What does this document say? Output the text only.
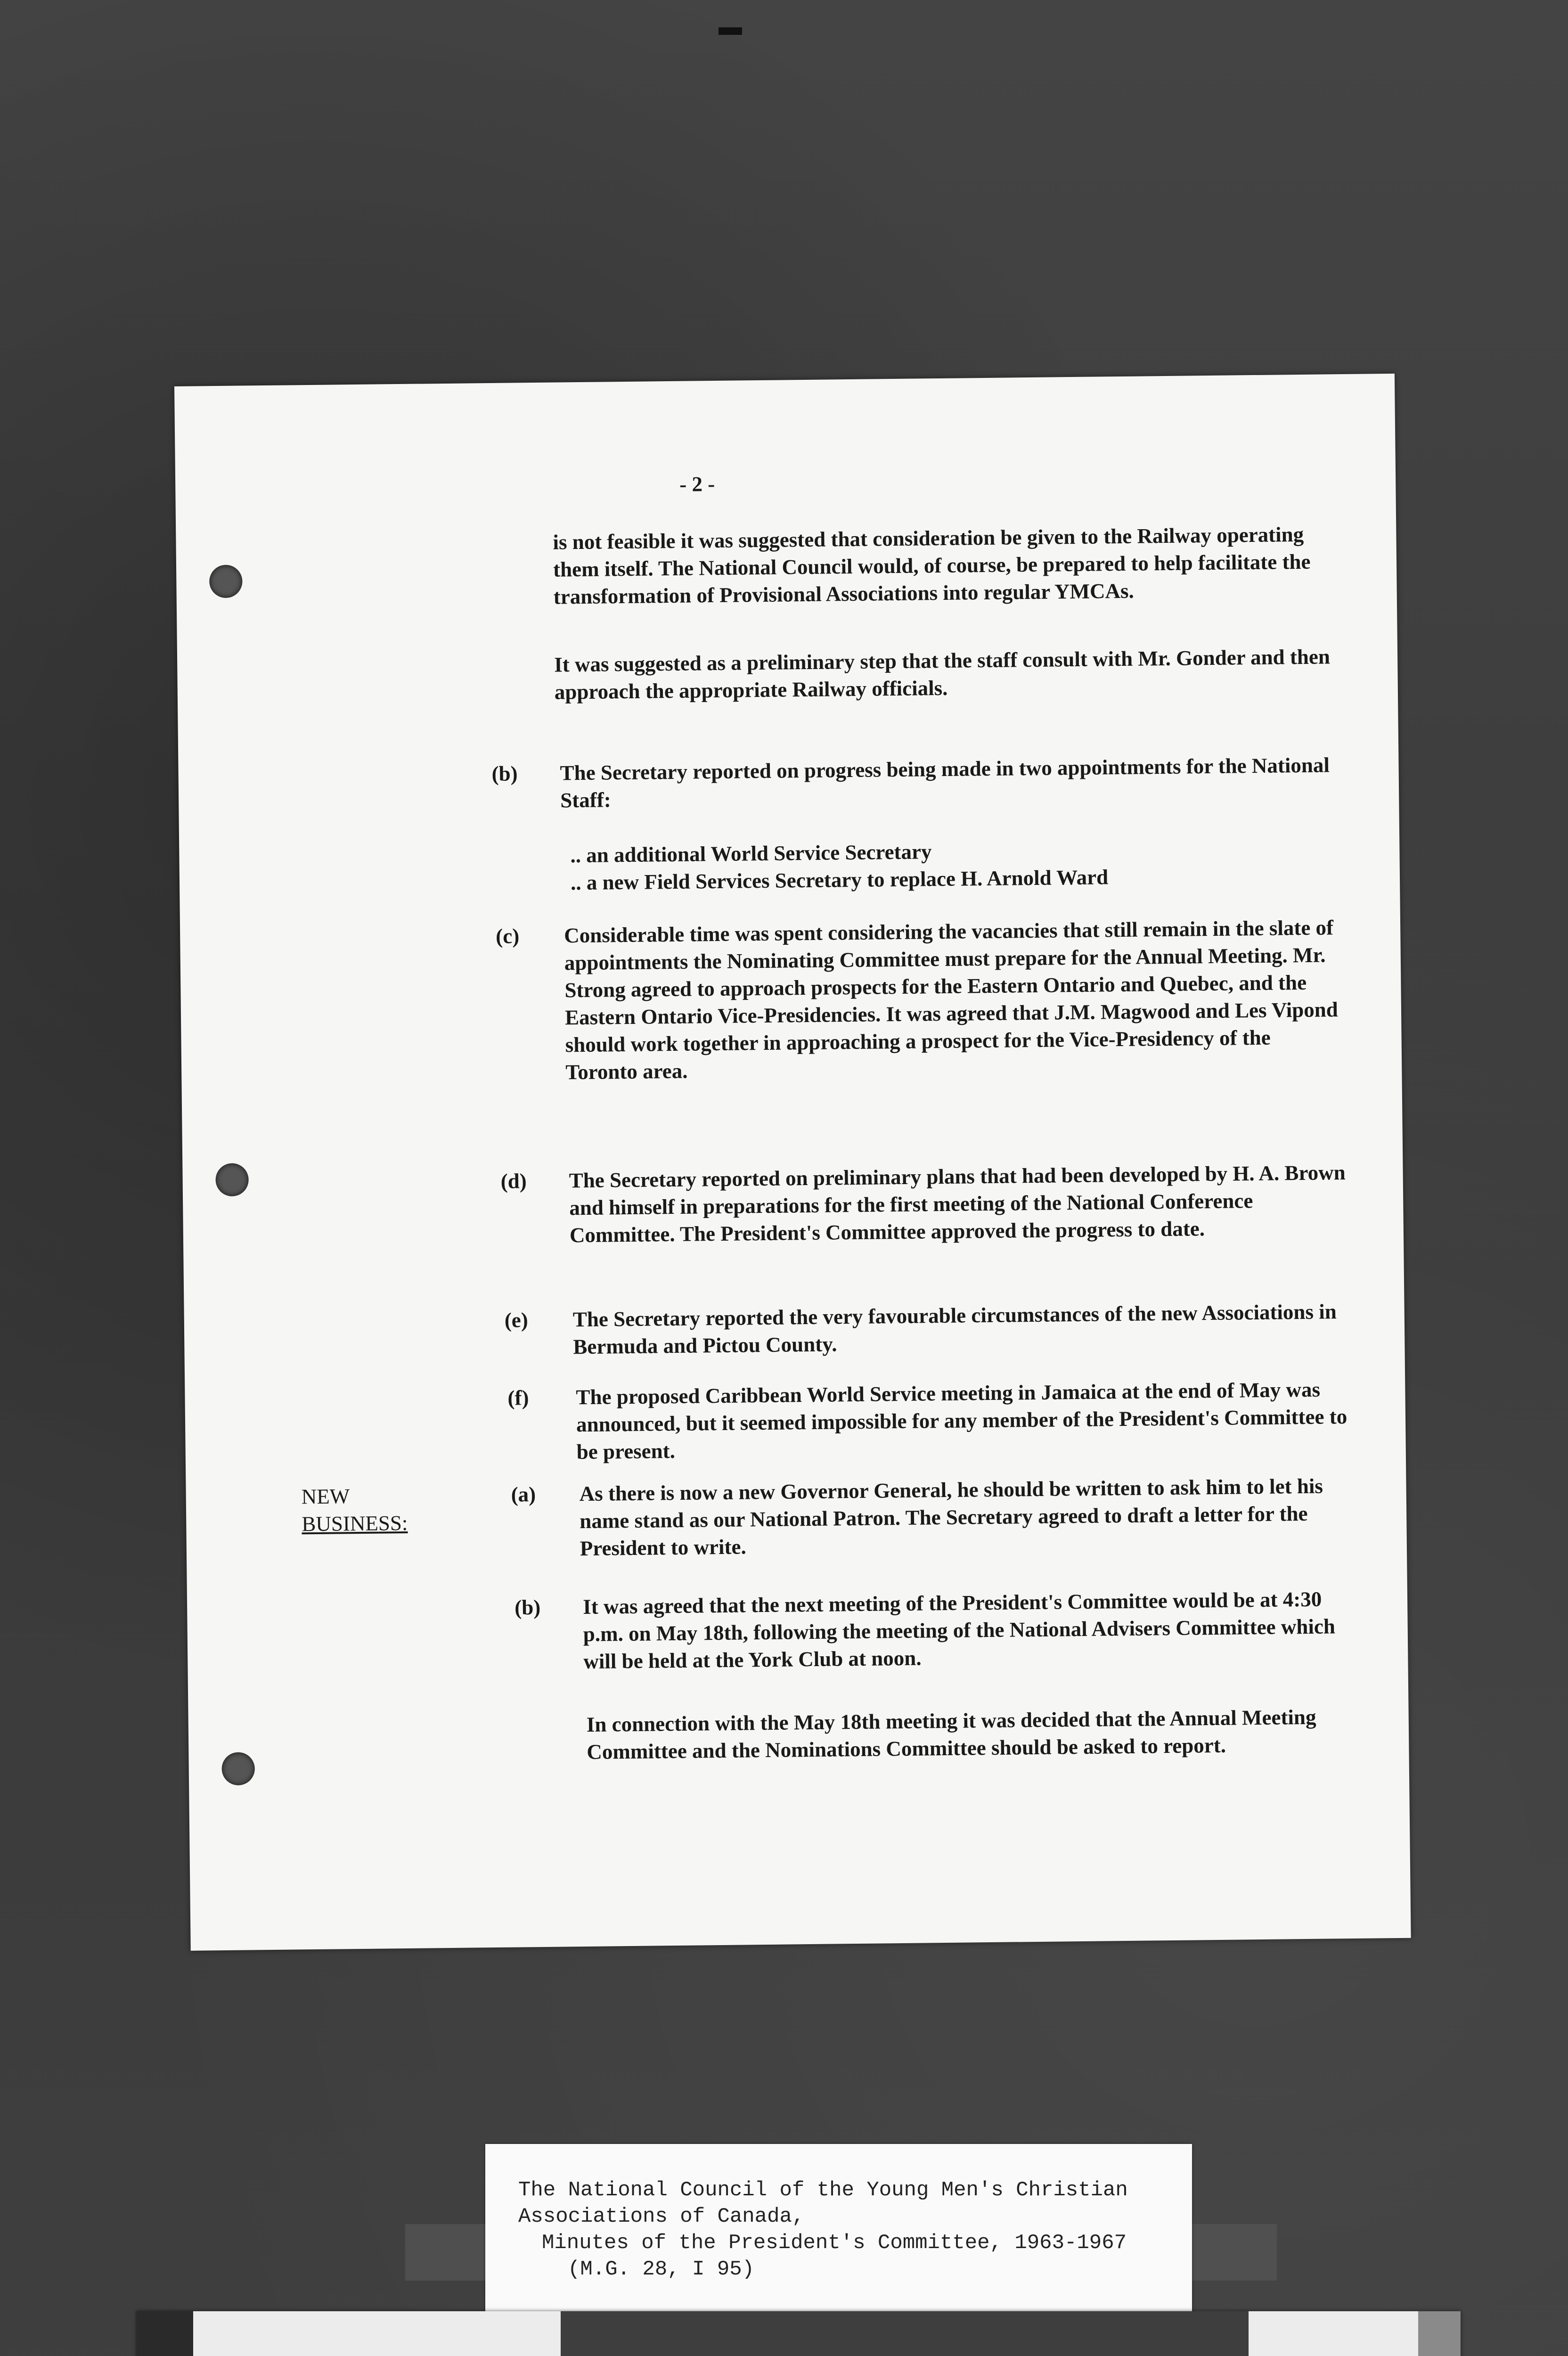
- 2 -

is not feasible it was suggested that consideration be given to the Railway operating them itself. The National Council would, of course, be prepared to help facilitate the transformation of Provisional Associations into regular YMCAs.

It was suggested as a preliminary step that the staff consult with Mr. Gonder and then approach the appropriate Railway officials.

(b) The Secretary reported on progress being made in two appointments for the National Staff:

.. an additional World Service Secretary
.. a new Field Services Secretary to replace H. Arnold Ward
(c) Considerable time was spent considering the vacancies that still remain in the slate of appointments the Nominating Committee must prepare for the Annual Meeting. Mr. Strong agreed to approach prospects for the Eastern Ontario and Quebec, and the Eastern Ontario Vice-Presidencies. It was agreed that J.M. Magwood and Les Vipond should work together in approaching a prospect for the Vice-Presidency of the Toronto area.

(d) The Secretary reported on preliminary plans that had been developed by H. A. Brown and himself in preparations for the first meeting of the National Conference Committee. The President's Committee approved the progress to date.

(e) The Secretary reported the very favourable circumstances of the new Associations in Bermuda and Pictou County.

(f) The proposed Caribbean World Service meeting in Jamaica at the end of May was announced, but it seemed impossible for any member of the President's Committee to be present.

NEW
BUSINESS:
(a) As there is now a new Governor General, he should be written to ask him to let his name stand as our National Patron. The Secretary agreed to draft a letter for the President to write.

(b) It was agreed that the next meeting of the President's Committee would be at 4:30 p.m. on May 18th, following the meeting of the National Advisers Committee which will be held at the York Club at noon.

In connection with the May 18th meeting it was decided that the Annual Meeting Committee and the Nominations Committee should be asked to report.

The National Council of the Young Men's Christian
Associations of Canada,
Minutes of the President's Committee, 1963-1967
(M.G. 28, I 95)
